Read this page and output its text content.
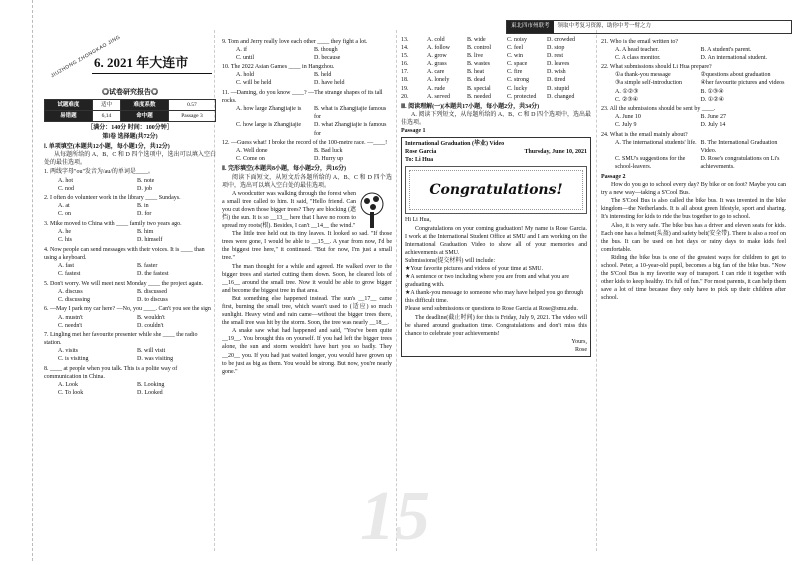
東北四市州联考	领取中考复习资源，助你中考一臂之力
15
JIUZHONG ZHONGKAO JING
6. 2021 年大连市
◎试卷研究报告◎
试题难度	适中	难度系数	0.57
易错题	6,14	命中题	Passage 3
［满分：140分 时间：100分钟］
第Ⅰ卷 选择题(共72分)
Ⅰ. 单项填空(本题共12小题，每小题1分，共12分)
从每题所给的 A、B、C 和 D 四个选项中，选出可以填入空白处的最佳选项。
1. 两线字母"ou"发音为/au/的单词是____。
A. hot	B. note
C. nod	D. job
2. I often do volunteer work in the library ____ Sundays.
A. at	B. in
C. on	D. for
3. Mike moved to China with ____ family two years ago.
A. he	B. him
C. his	D. himself
4. Now people can send messages with their voices. It is ____ than using a keyboard.
A. fast	B. faster
C. fastest	D. the fastest
5. Don't worry. We will meet next Monday ____ the project again.
A. discuss	B. discussed
C. discussing	D. to discuss
6. —May I park my car here? —No, you ____. Can't you see the sign
A. mustn't	B. wouldn't
C. needn't	D. couldn't
7. Lingling met her favourite presenter while she ____ the radio station.
A. visits	B. will visit
C. is visiting	D. was visiting
8. ____ at people when you talk. This is a polite way of communication in China.
A. Look	B. Looking
C. To look	D. Looked
9. Tom and Jerry really love each other ____ they fight a lot.
A. if	B. though
C. until	D. because
10. The 2022 Asian Games ____ in Hangzhou.
A. hold	B. held
C. will be held	D. have held
11. —Daming, do you know ____? —The strange shapes of its tall rocks.
A. how large Zhangjiajie is	B. what is Zhangjiajie famous for
C. how large is Zhangjiajie	D. what Zhangjiajie is famous for
12. —Guess what! I broke the record of the 100-metre race. —____!
A. Well done	B. Bad luck
C. Come on	D. Hurry up
Ⅱ. 完形填空(本题共8小题，每小题2分，共16分)
阅读下面短文，从短文后各题所给的 A、B、C 和 D 四个选项中，选出可以填入空白处的最佳选项。
A woodcutter was walking through the forest when a small tree called to him. It said, "Hello friend. Can you cut down those bigger trees? They are blocking (遮挡) the sun. It is so __13__ here that I have no room to spread my roots(根). Besides, I can't __14__ the wind."
The little tree held out its tiny leaves. It looked so sad. "If those trees were gone, I would be able to __15__. A year from now, I'd be the biggest tree here," it continued. "But for now, I'm just a small tree."
The man thought for a while and agreed. He walked over to the bigger trees and started cutting them down. Soon, he cleared lots of __16__ around the small tree. Now it would be able to grow bigger and become the biggest tree in that area.
But something else happened instead. The sun's __17__ came first, burning the small tree, which wasn't used to (适应) so much sunlight. Heavy wind and rain came—without the bigger trees there, the small tree was hit by the storm. Soon, the tree was nearly __18__.
A snake saw what had happened and said, "You've been quite __19__. You brought this on yourself. If you had left the bigger trees alone, the sun and storm wouldn't have hurt you so badly. They __20__ you. If you had just waited longer, you would have grown up to be just as big as them. You would be strong. But now, you're nearly gone."
13.	A. cold	B. wide	C. noisy	D. crowded
14.	A. follow	B. control	C. feel	D. stop
15.	A. grow	B. live	C. win	D. rest
16.	A. grass	B. wastes	C. space	D. leaves
17.	A. care	B. heat	C. fire	D. wish
18.	A. lonely	B. dead	C. strong	D. tired
19.	A. rude	B. special	C. lucky	D. stupid
20.	A. served	B. needed	C. protected	D. changed
Ⅲ. 阅读理解(一)(本题共17小题，每小题2分，共34分)
A. 阅读下列短文，从每题所给的 A、B、C 和 D 四个选项中，选出最佳选项。
Passage 1
International Graduation (毕业) Video
Rose Garcia	Thursday, June 10, 2021
To: Li Hua
Congratulations!
Hi Li Hua,
Congratulations on your coming graduation! My name is Rose Garcia. I work at the International Student Office at SMU and I am working on the International Graduation Video to show all of your memories and achievements at SMU.
Submissions(提交材料) will include:
★Your favorite pictures and videos of your time at SMU.
★A sentence or two including where you are from and what you are graduating with.
★A thank-you message to someone who may have helped you go through this difficult time.
Please send submissions or questions to Rose Garcia at Rose@smu.edu.
The deadline(截止时间) for this is Friday, July 9, 2021. The video will be shared around graduation time. Congratulations and don't miss this chance to celebrate your achievements!
Yours,
Rose
21. Who is the email written to?
A. A head teacher.	B. A student's parent.
C. A class monitor.	D. An international student.
22. What submissions should Li Hua prepare?
①a thank-you message	②questions about graduation
③a simple self-introduction	④her favourite pictures and videos
A. ①②③	B. ①③④
C. ②③④	D. ①②④
23. All the submissions should be sent by ____.
A. June 10	B. June 27
C. July 9	D. July 14
24. What is the email mainly about?
A. The international students' life. B. The International Graduation Video.
C. SMU's suggestions for the school-leavers.
D. Rose's congratulations on Li's achievements.
Passage 2
How do you go to school every day? By bike or on foot? Maybe you can try a new way—taking a S'Cool Bus.
The S'Cool Bus is also called the bike bus. It was invented in the bike kingdom—the Netherlands. It is all about green lifestyle, sport and sharing. It's interesting for kids to ride the bus together to go to school.
Also, it is very safe. The bike bus has a driver and eleven seats for kids. Each one has a helmet(头盔) and safety belt(安全带). There is also a roof on the bus. It can be used on hot days or rainy days to make kids feel comfortable.
Riding the bike bus is one of the greatest ways for children to get to school. Peter, a 10-year-old pupil, becomes a big fan of the bike bus. "Now the S'Cool Bus is my favorite way of transport. I can ride it together with other kids to keep healthy. It's full of fun." For most parents, it can help them save a lot of time because they only have to pick up their children after school.
